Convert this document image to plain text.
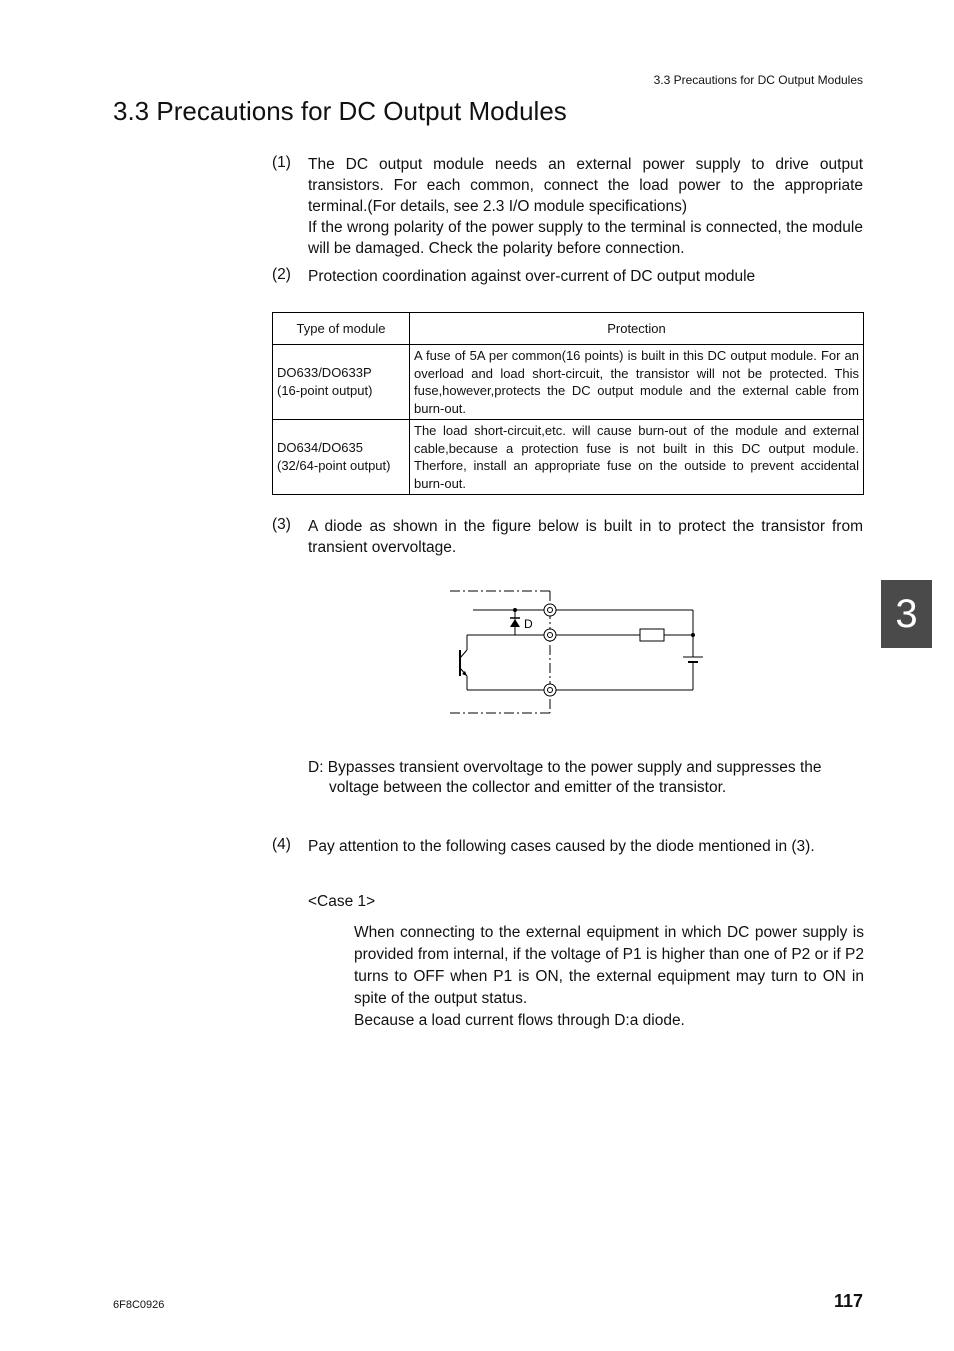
3.3 Precautions for DC Output Modules
3.3 Precautions for DC Output Modules
(1) The DC output module needs an external power supply to drive output transistors. For each common, connect the load power to the appropriate terminal.(For details, see 2.3 I/O module specifications)

If the wrong polarity of the power supply to the terminal is connected, the module will be damaged. Check the polarity before connection.

(2) Protection coordination against over-current of DC output module
Type of module	Protection

DO633/DO633P
(16-point output)	A fuse of 5A per common(16 points) is built in this DC output module. For an overload and load short-circuit, the transistor will not be protected. This fuse,however,protects the DC output module and the external cable from burn-out.

DO634/DO635
(32/64-point output)	The load short-circuit,etc. will cause burn-out of the module and external cable,because a protection fuse is not built in this DC output module. Therfore, install an appropriate fuse on the outside to prevent accidental burn-out.
(3) A diode as shown in the figure below is built in to protect the transistor from transient overvoltage.
D
D: Bypasses transient overvoltage to the power supply and suppresses the
voltage between the collector and emitter of the transistor.
(4) Pay attention to the following cases caused by the diode mentioned in (3).
<Case 1>

When connecting to the external equipment in which DC power supply is provided from internal, if the voltage of P1 is higher than one of P2 or if P2 turns to OFF when P1 is ON, the external equipment may turn to ON in spite of the output status.

Because a load current flows through D:a diode.

3
6F8C0926	117
